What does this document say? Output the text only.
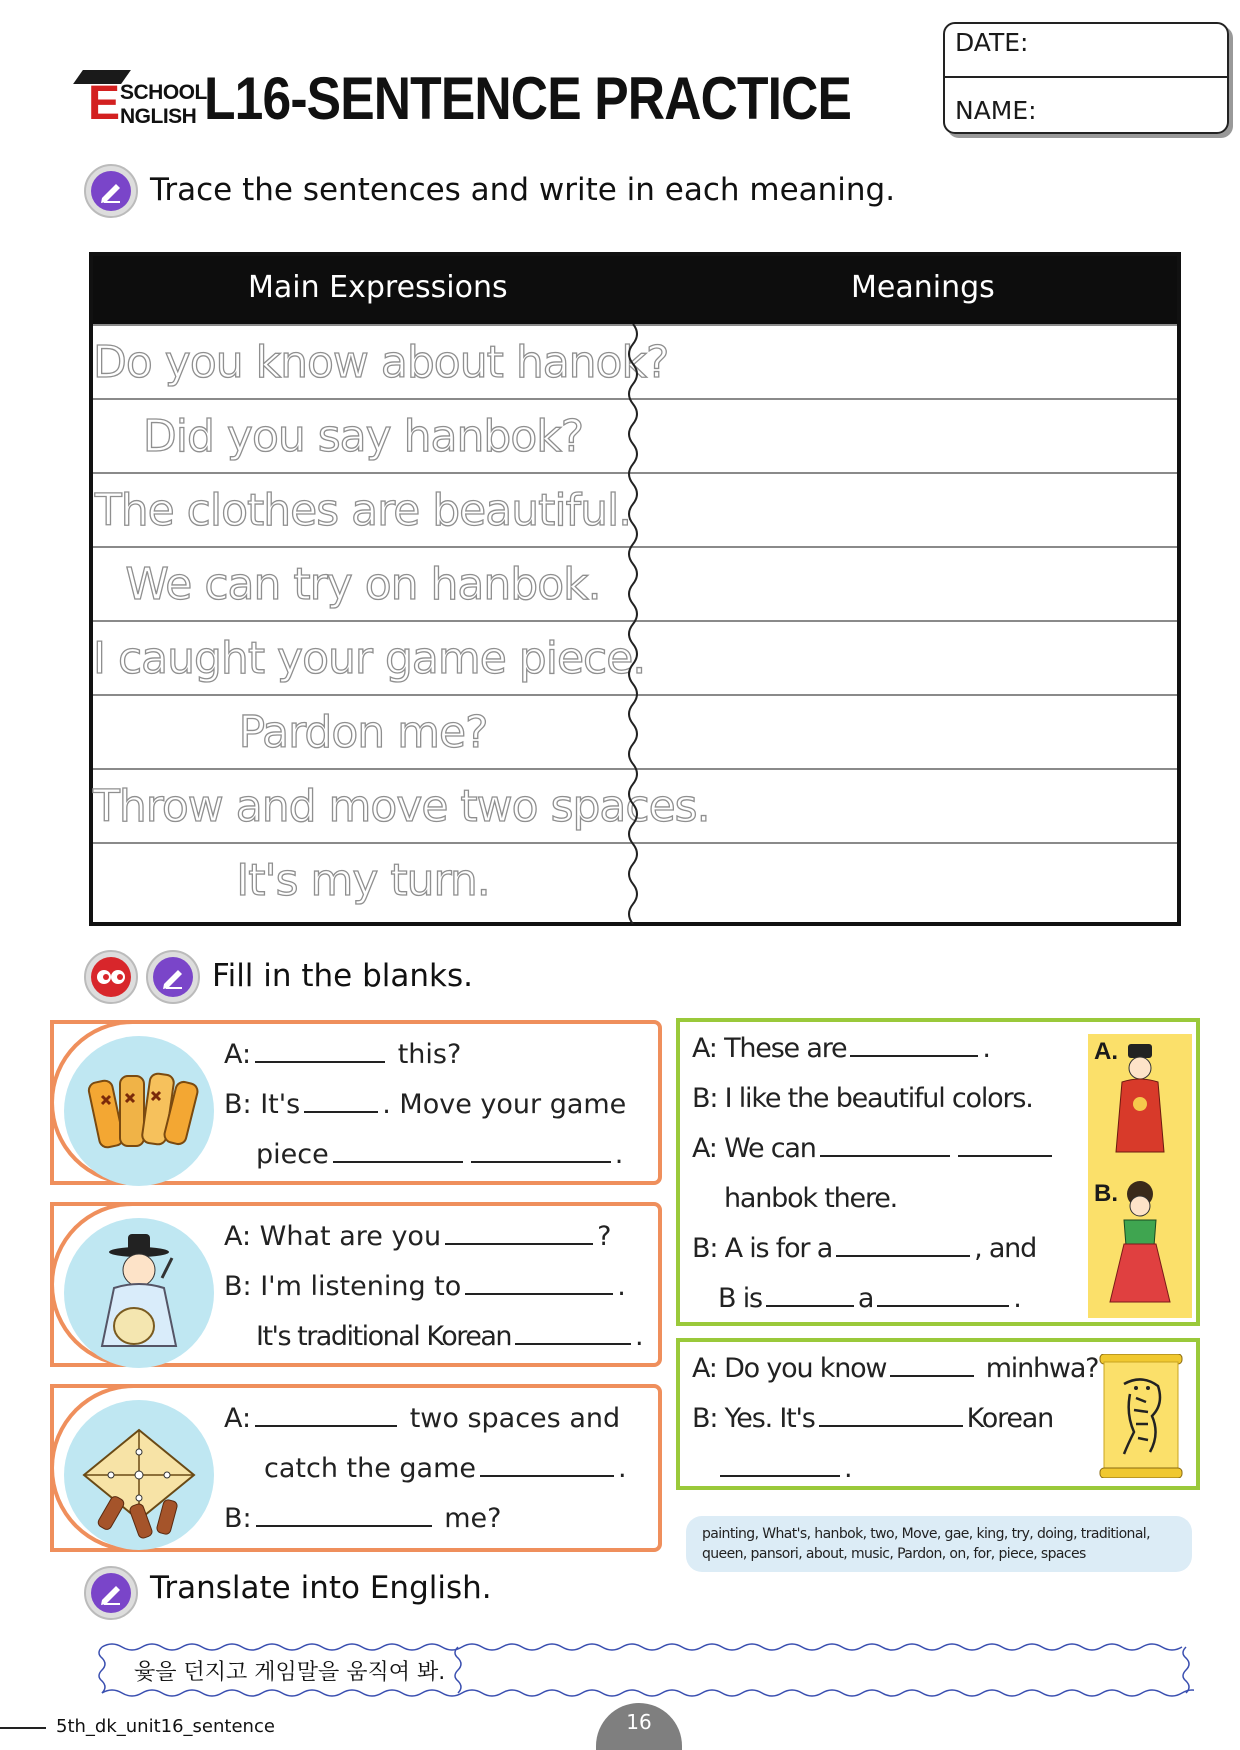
E SCHOOL
NGLISH L16-SENTENCE PRACTICE
DATE:
NAME:
Trace the sentences and write in each meaning.
Main Expressions	Meanings
Do you know about hanok?
Did you say hanbok?
The clothes are beautiful.
We can try on hanbok.
I caught your game piece.
Pardon me?
Throw and move two spaces.
It's my turn.
Fill in the blanks.
A:	this?
B: It's	. Move your game
piece	.
A: What are you	?
B: I'm listening to	.
It's traditional Korean	.
A:	two spaces and
catch the game	.
B:	me?
A: These are	.
B: I like the beautiful colors.
A: We can
hanbok there.
B: A is for a	, and
B is	a	.
A.
B.
A: Do you know	minhwa?
B: Yes. It's	Korean
.
painting, What's, hanbok, two, Move, gae, king, try, doing, traditional, queen, pansori, about, music, Pardon, on, for, piece, spaces
Translate into English.
윷을 던지고 게임말을 움직여 봐.
5th_dk_unit16_sentence	16
